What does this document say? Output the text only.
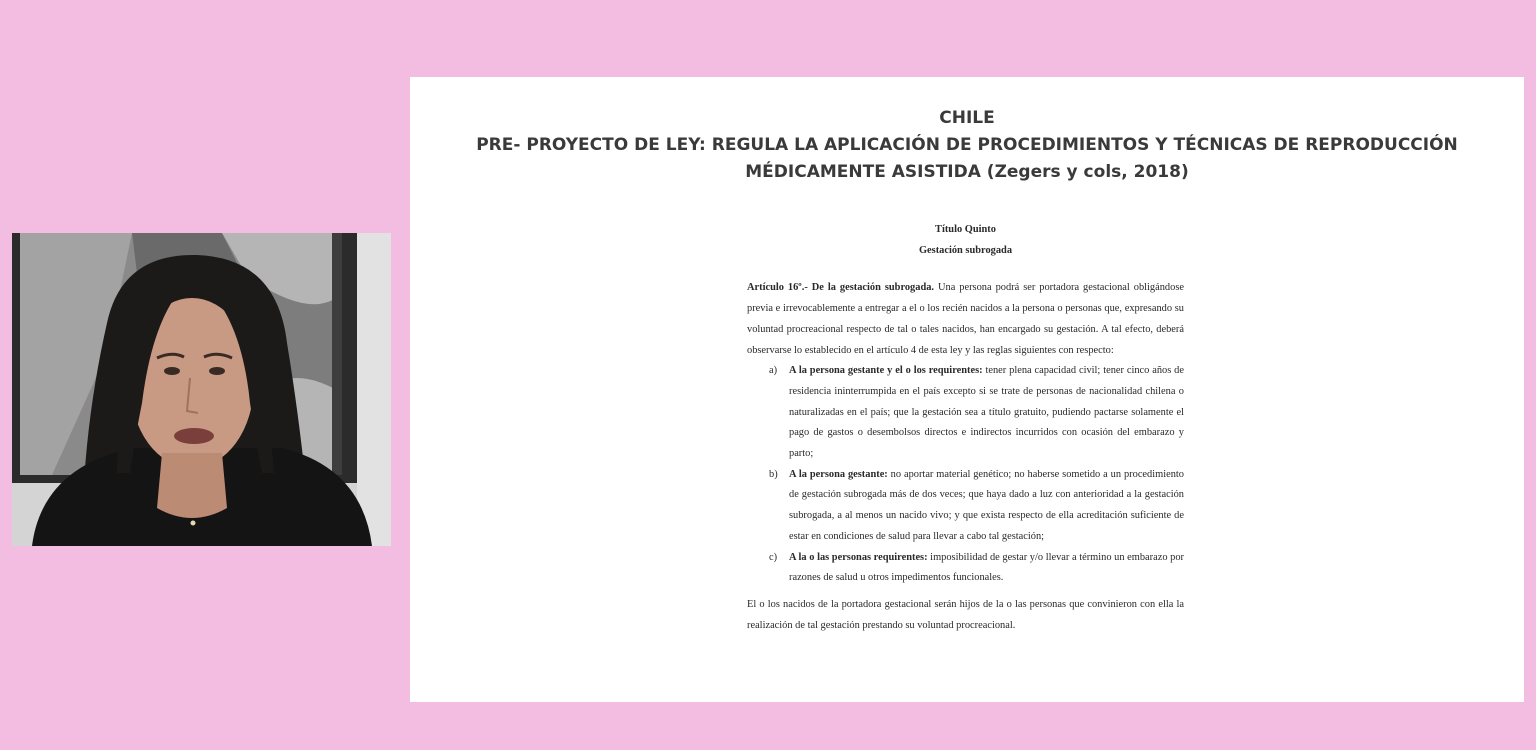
CHILE
PRE- PROYECTO DE LEY: REGULA LA APLICACIÓN DE PROCEDIMIENTOS Y TÉCNICAS DE REPRODUCCIÓN
MÉDICAMENTE ASISTIDA (Zegers y cols, 2018)
Título Quinto
Gestación subrogada

Artículo 16º.- De la gestación subrogada. Una persona podrá ser portadora gestacional obligándose previa e irrevocablemente a entregar a el o los recién nacidos a la persona o personas que, expresando su voluntad procreacional respecto de tal o tales nacidos, han encargado su gestación. A tal efecto, deberá observarse lo establecido en el artículo 4 de esta ley y las reglas siguientes con respecto:

a) A la persona gestante y el o los requirentes: tener plena capacidad civil; tener cinco años de residencia ininterrumpida en el país excepto si se trate de personas de nacionalidad chilena o naturalizadas en el país; que la gestación sea a título gratuito, pudiendo pactarse solamente el pago de gastos o desembolsos directos e indirectos incurridos con ocasión del embarazo y parto;

b) A la persona gestante: no aportar material genético; no haberse sometido a un procedimiento de gestación subrogada más de dos veces; que haya dado a luz con anterioridad a la gestación subrogada, a al menos un nacido vivo; y que exista respecto de ella acreditación suficiente de estar en condiciones de salud para llevar a cabo tal gestación;

c) A la o las personas requirentes: imposibilidad de gestar y/o llevar a término un embarazo por razones de salud u otros impedimentos funcionales.

El o los nacidos de la portadora gestacional serán hijos de la o las personas que convinieron con ella la realización de tal gestación prestando su voluntad procreacional.
